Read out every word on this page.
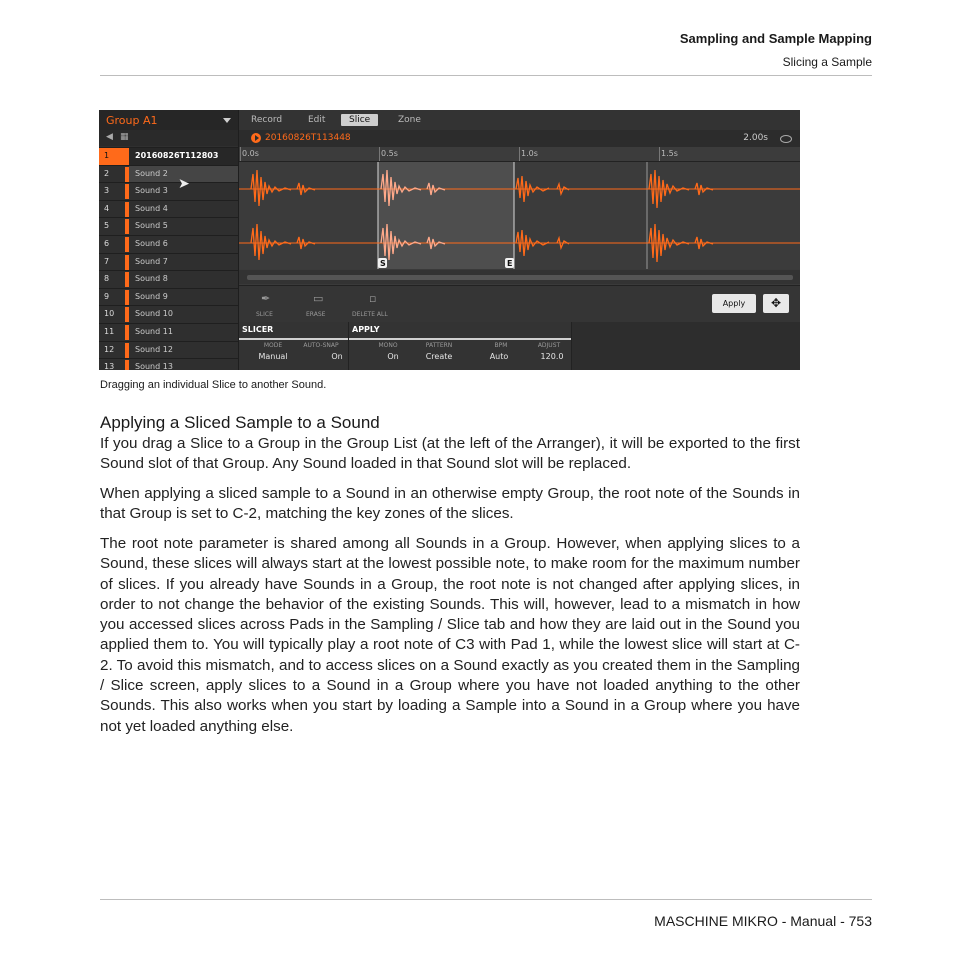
Sampling and Sample Mapping
Slicing a Sample
Group A1
◀ ▦
1	20160826T112803
2	Sound 2
3	Sound 3
4	Sound 4
5	Sound 5
6	Sound 6
7	Sound 7
8	Sound 8
9	Sound 9
10	Sound 10
11	Sound 11
12	Sound 12
13	Sound 13
➤
Record	Edit	Slice	Zone
20160826T113448	2.00s
0.0s	0.5s	1.0s	1.5s
S	E
✒
SLICE
▭
ERASE
▫
DELETE ALL
Apply	✥
SLICER
MODE
Manual
AUTO-SNAP
On
APPLY
MONO
On
PATTERN
Create
BPM
Auto
ADJUST
120.0
Dragging an individual Slice to another Sound.
Applying a Sliced Sample to a Sound

If you drag a Slice to a Group in the Group List (at the left of the Arranger), it will be exported to the first Sound slot of that Group. Any Sound loaded in that Sound slot will be replaced.

When applying a sliced sample to a Sound in an otherwise empty Group, the root note of the Sounds in that Group is set to C-2, matching the key zones of the slices.

The root note parameter is shared among all Sounds in a Group. However, when applying slices to a Sound, these slices will always start at the lowest possible note, to make room for the maximum number of slices. If you already have Sounds in a Group, the root note is not changed after applying slices, in order to not change the behavior of the existing Sounds. This will, however, lead to a mismatch in how you accessed slices across Pads in the Sampling / Slice tab and how they are laid out in the Sound you applied them to. You will typically play a root note of C3 with Pad 1, while the lowest slice will start at C-2. To avoid this mismatch, and to access slices on a Sound exactly as you created them in the Sampling / Slice screen, apply slices to a Sound in a Group where you have not loaded anything to the other Sounds. This also works when you start by loading a Sample into a Sound in a Group where you have not yet loaded anything else.

MASCHINE MIKRO - Manual - 753
